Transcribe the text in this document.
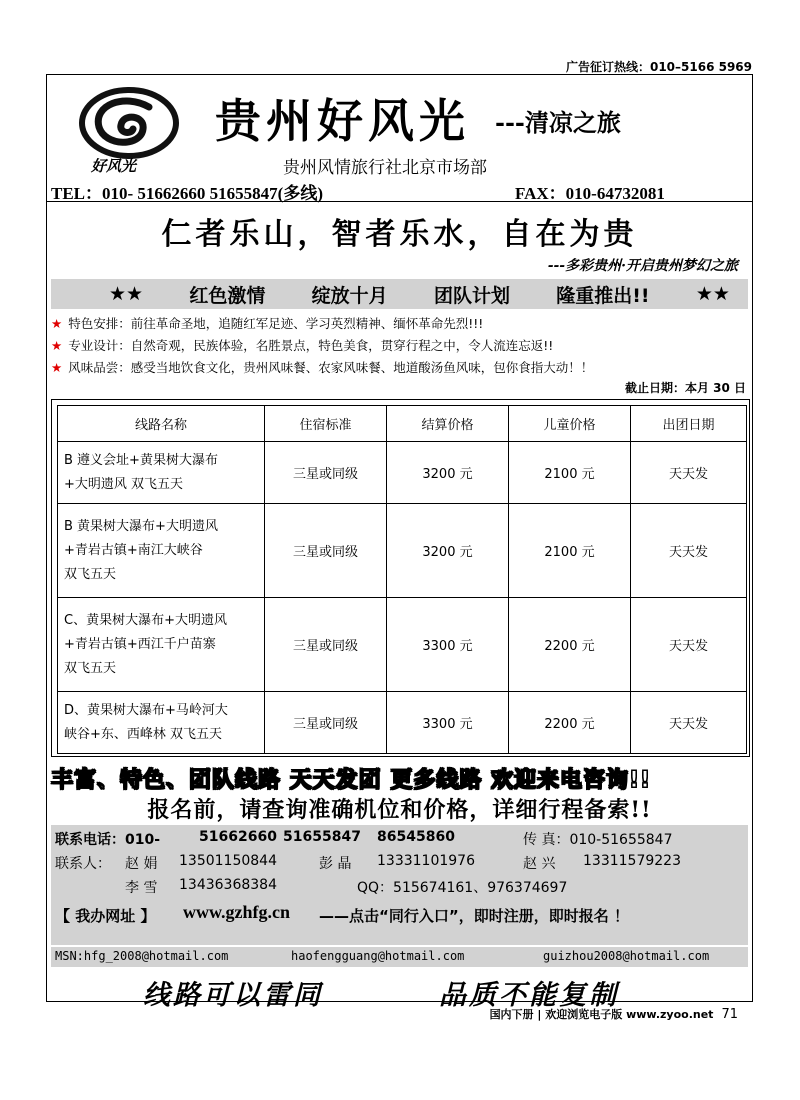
广告征订热线：010–5166 5969
好风光
贵州好风光 ---清凉之旅
贵州风情旅行社北京市场部
TEL：010- 51662660 51655847(多线)	FAX：010-64732081
仁者乐山，智者乐水，自在为贵
---多彩贵州·开启贵州梦幻之旅
★★ 红色激情 绽放十月 团队计划 隆重推出!! ★★
★ 特色安排：前往革命圣地，追随红军足迹、学习英烈精神、缅怀革命先烈!!!
★ 专业设计：自然奇观，民族体验，名胜景点，特色美食，贯穿行程之中，令人流连忘返!!
★ 风味品尝：感受当地饮食文化，贵州风味餐、农家风味餐、地道酸汤鱼风味，包你食指大动！！
截止日期：本月 30 日
线路名称	住宿标准	结算价格	儿童价格	出团日期
B 遵义会址+黄果树大瀑布
+大明遗风 双飞五天	三星或同级	3200 元	2100 元	天天发
B 黄果树大瀑布+大明遗风
+青岩古镇+南江大峡谷
双飞五天	三星或同级	3200 元	2100 元	天天发
C、黄果树大瀑布+大明遗风
+青岩古镇+西江千户苗寨
双飞五天	三星或同级	3300 元	2200 元	天天发
D、黄果树大瀑布+马岭河大
峡谷+东、西峰林 双飞五天	三星或同级	3300 元	2200 元	天天发
丰富、特色、团队线路 天天发团 更多线路 欢迎来电咨询!!
报名前，请查询准确机位和价格，详细行程备索!!
联系电话：010-	51662660 51655847 86545860	传 真：010-51655847
联系人： 赵 娟 13501150844	彭 晶 13331101976	赵 兴 13311579223
李 雪 13436368384	QQ：515674161、976374697
【 我办网址 】 www.gzhfg.cn ——点击“同行入口”，即时注册，即时报名 ！
MSN:hfg_2008@hotmail.com	haofengguang@hotmail.com	guizhou2008@hotmail.com
线路可以雷同	品质不能复制
国内下册 | 欢迎浏览电子版 www.zyoo.net 71
